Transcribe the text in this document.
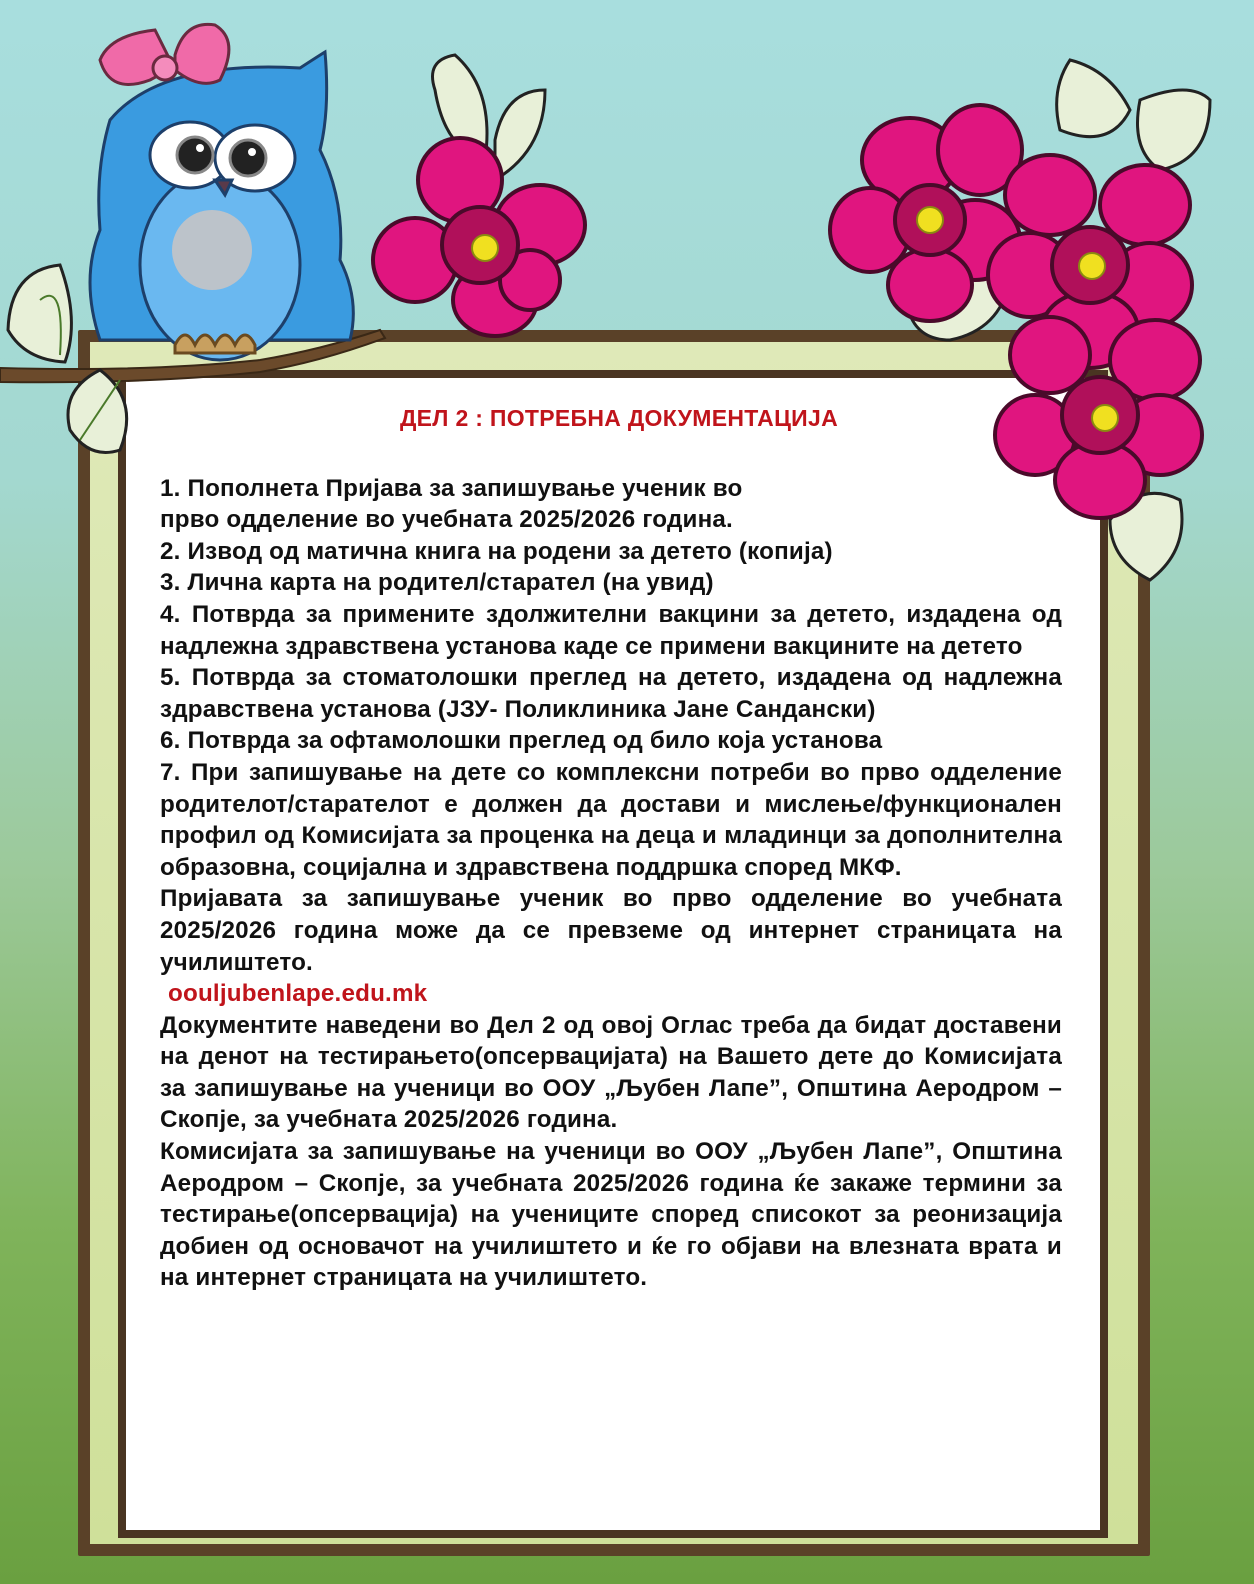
ДЕЛ 2 : ПОТРЕБНА ДОКУМЕНТАЦИЈА

1. Пополнета Пријава за запишување ученик во

прво одделение во учебната 2025/2026 година.

2. Извод од матична книга на родени за детето (копија)

3. Лична карта на родител/старател (на увид)

4. Потврда за примените здолжителни вакцини за детето, издадена од надлежна здравствена установа каде се примени вакцините на детето

5. Потврда за стоматолошки преглед на детето, издадена од надлежна здравствена установа (ЈЗУ- Поликлиника Јане Сандански)

6. Потврда за офтамолошки преглед од било која установа

7. При запишување на дете со комплексни потреби во прво одделение родителот/старателот е должен да достави и мислење/функционален профил од Комисијата за проценка на деца и младинци за дополнителна образовна, социјална и здравствена поддршка според МКФ.

Пријавата за запишување ученик во прво одделение во учебната 2025/2026 година може да се превземе од интернет страницата на училиштето.

oouljubenlape.edu.mk

Документите наведени во Дел 2 од овој Оглас треба да бидат доставени на денот на тестирањето(опсервацијата) на Вашето дете до Комисијата за запишување на ученици во ООУ „Љубен Лапе”, Општина Аеродром – Скопје, за учебната 2025/2026 година.

Комисијата за запишување на ученици во ООУ „Љубен Лапе”, Општина Аеродром – Скопје, за учебната 2025/2026 година ќе закаже термини за тестирање(опсервација) на учениците според списокот за реонизација добиен од основачот на училиштето и ќе го објави на влезната врата и на интернет страницата на училиштето.
